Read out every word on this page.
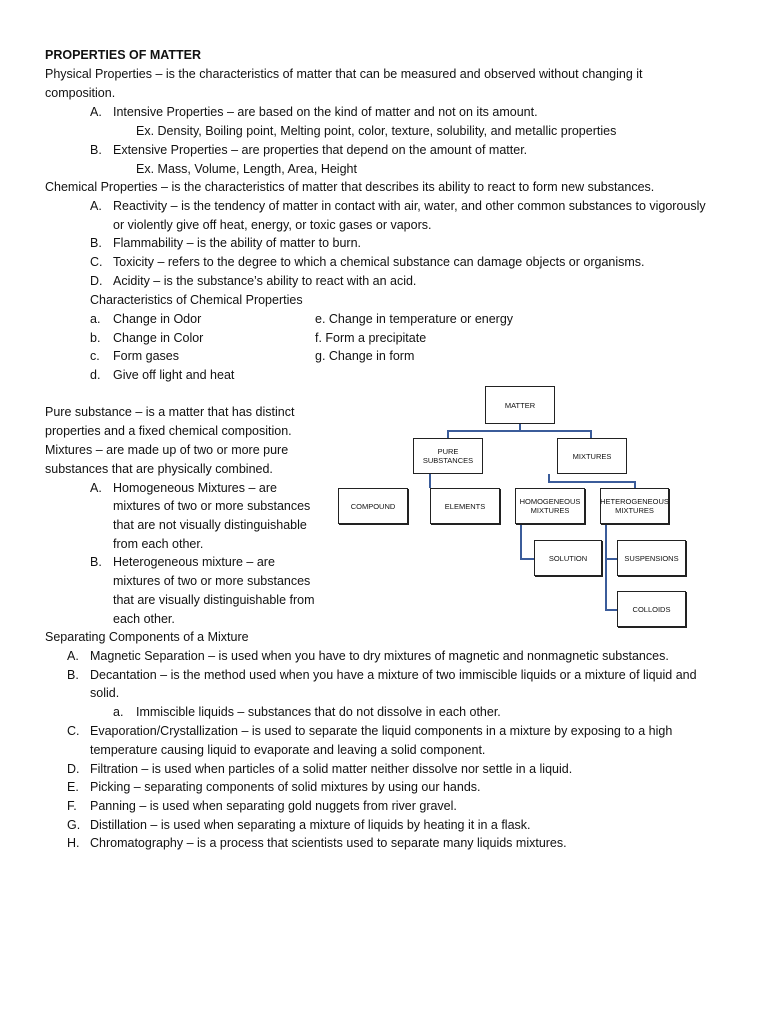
PROPERTIES OF MATTER
Physical Properties – is the characteristics of matter that can be measured and observed without changing it
composition.
A. Intensive Properties – are based on the kind of matter and not on its amount.
Ex. Density, Boiling point, Melting point, color, texture, solubility, and metallic properties
B. Extensive Properties – are properties that depend on the amount of matter.
Ex. Mass, Volume, Length, Area, Height
Chemical Properties – is the characteristics of matter that describes its ability to react to form new substances.
A. Reactivity – is the tendency of matter in contact with air, water, and other common substances to vigorously
or violently give off heat, energy, or toxic gases or vapors.
B. Flammability – is the ability of matter to burn.
C. Toxicity – refers to the degree to which a chemical substance can damage objects or organisms.
D. Acidity – is the substance’s ability to react with an acid.
Characteristics of Chemical Properties
a. Change in Odor
b. Change in Color
c. Form gases
d. Give off light and heat
e. Change in temperature or energy
f. Form a precipitate
g. Change in form
Pure substance – is a matter that has distinct
properties and a fixed chemical composition.
Mixtures – are made up of two or more pure
substances that are physically combined.
A. Homogeneous Mixtures – are
mixtures of two or more substances
that are not visually distinguishable
from each other.
B. Heterogeneous mixture – are
mixtures of two or more substances
that are visually distinguishable from
each other.
MATTER
PURE SUBSTANCES	MIXTURES
COMPOUND	ELEMENTS	HOMOGENEOUS MIXTURES
HETEROGENEOUS MIXTURES
SOLUTION	SUSPENSIONS
COLLOIDS
Separating Components of a Mixture
A. Magnetic Separation – is used when you have to dry mixtures of magnetic and nonmagnetic substances.
B. Decantation – is the method used when you have a mixture of two immiscible liquids or a mixture of liquid and
solid.
a. Immiscible liquids – substances that do not dissolve in each other.
C. Evaporation/Crystallization – is used to separate the liquid components in a mixture by exposing to a high
temperature causing liquid to evaporate and leaving a solid component.
D. Filtration – is used when particles of a solid matter neither dissolve nor settle in a liquid.
E. Picking – separating components of solid mixtures by using our hands.
F. Panning – is used when separating gold nuggets from river gravel.
G. Distillation – is used when separating a mixture of liquids by heating it in a flask.
H. Chromatography – is a process that scientists used to separate many liquids mixtures.
